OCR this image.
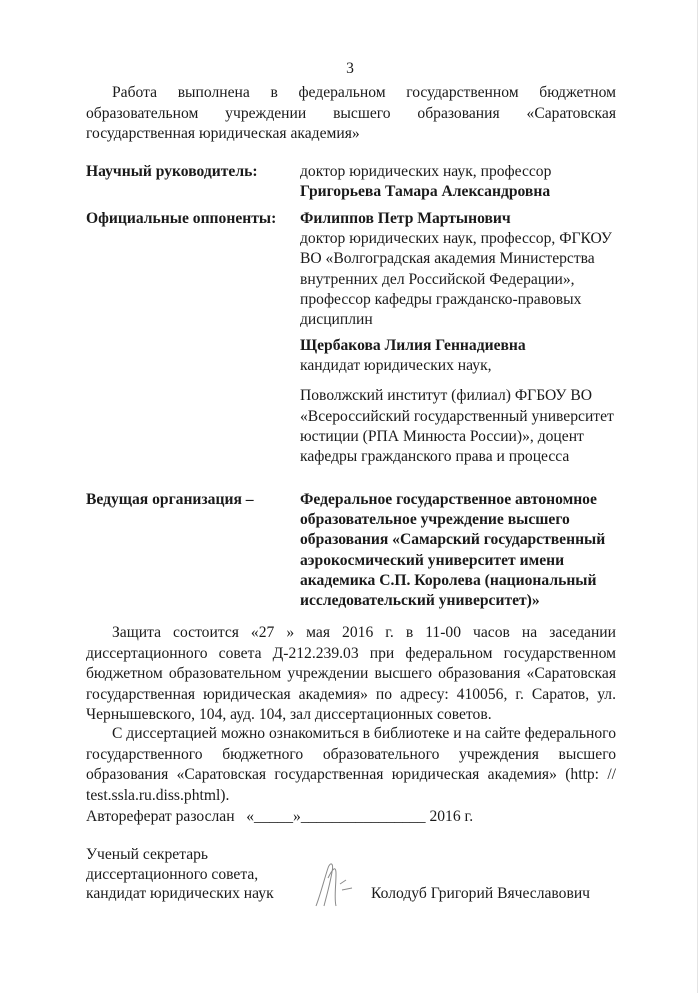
3
Работа выполнена в федеральном государственном бюджетном образовательном учреждении высшего образования «Саратовская государственная юридическая академия»
Научный руководитель:	доктор юридических наук, профессор
Григорьева Тамара Александровна
Официальные оппоненты: Филиппов Петр Мартынович
доктор юридических наук, профессор, ФГКОУ ВО «Волгоградская академия Министерства внутренних дел Российской Федерации», профессор кафедры гражданско-правовых дисциплин
Щербакова Лилия Геннадиевна
кандидат юридических наук,
Поволжский институт (филиал) ФГБОУ ВО «Всероссийский государственный университет юстиции (РПА Минюста России)», доцент кафедры гражданского права и процесса
Ведущая организация –	Федеральное государственное автономное образовательное учреждение высшего образования «Самарский государственный аэрокосмический университет имени академика С.П. Королева (национальный исследовательский университет)»
Защита состоится «27 » мая 2016 г. в 11-00 часов на заседании диссертационного совета Д-212.239.03 при федеральном государственном бюджетном образовательном учреждении высшего образования «Саратовская государственная юридическая академия» по адресу: 410056, г. Саратов, ул. Чернышевского, 104, ауд. 104, зал диссертационных советов.
С диссертацией можно ознакомиться в библиотеке и на сайте федерального государственного бюджетного образовательного учреждения высшего образования «Саратовская государственная юридическая академия» (http: // test.ssla.ru.diss.phtml).
Автореферат разослан   «_____»________________ 2016 г.
Ученый секретарь
диссертационного совета,
кандидат юридических наук	Колодуб Григорий Вячеславович
